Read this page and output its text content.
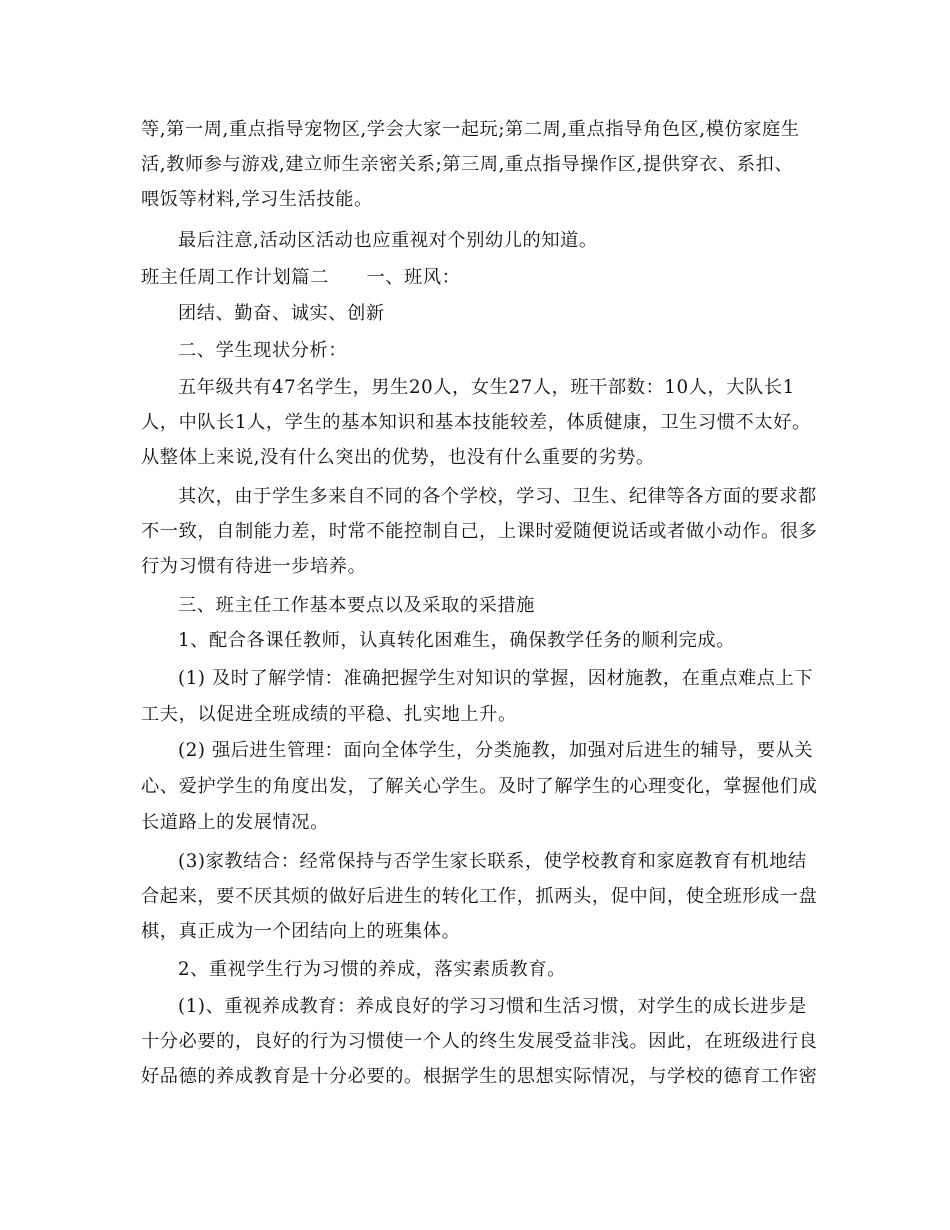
等,第一周,重点指导宠物区,学会大家一起玩;第二周,重点指导角色区,模仿家庭生
活,教师参与游戏,建立师生亲密关系;第三周,重点指导操作区,提供穿衣、系扣、
喂饭等材料,学习生活技能。
最后注意,活动区活动也应重视对个别幼儿的知道。
班主任周工作计划篇二　　一、班风：
团结、勤奋、诚实、创新
二、学生现状分析：
五年级共有47名学生，男生20人，女生27人，班干部数：10人，大队长1
人，中队长1人，学生的基本知识和基本技能较差，体质健康，卫生习惯不太好。
从整体上来说,没有什么突出的优势，也没有什么重要的劣势。
其次，由于学生多来自不同的各个学校，学习、卫生、纪律等各方面的要求都
不一致，自制能力差，时常不能控制自己，上课时爱随便说话或者做小动作。很多
行为习惯有待进一步培养。
三、班主任工作基本要点以及采取的采措施
1、配合各课任教师，认真转化困难生，确保教学任务的顺利完成。
(1) 及时了解学情：准确把握学生对知识的掌握，因材施教，在重点难点上下
工夫，以促进全班成绩的平稳、扎实地上升。
(2) 强后进生管理：面向全体学生，分类施教，加强对后进生的辅导，要从关
心、爱护学生的角度出发，了解关心学生。及时了解学生的心理变化，掌握他们成
长道路上的发展情况。
(3)家教结合：经常保持与否学生家长联系，使学校教育和家庭教育有机地结
合起来，要不厌其烦的做好后进生的转化工作，抓两头，促中间，使全班形成一盘
棋，真正成为一个团结向上的班集体。
2、重视学生行为习惯的养成，落实素质教育。
(1)、重视养成教育：养成良好的学习习惯和生活习惯，对学生的成长进步是
十分必要的，良好的行为习惯使一个人的终生发展受益非浅。因此，在班级进行良
好品德的养成教育是十分必要的。根据学生的思想实际情况，与学校的德育工作密
